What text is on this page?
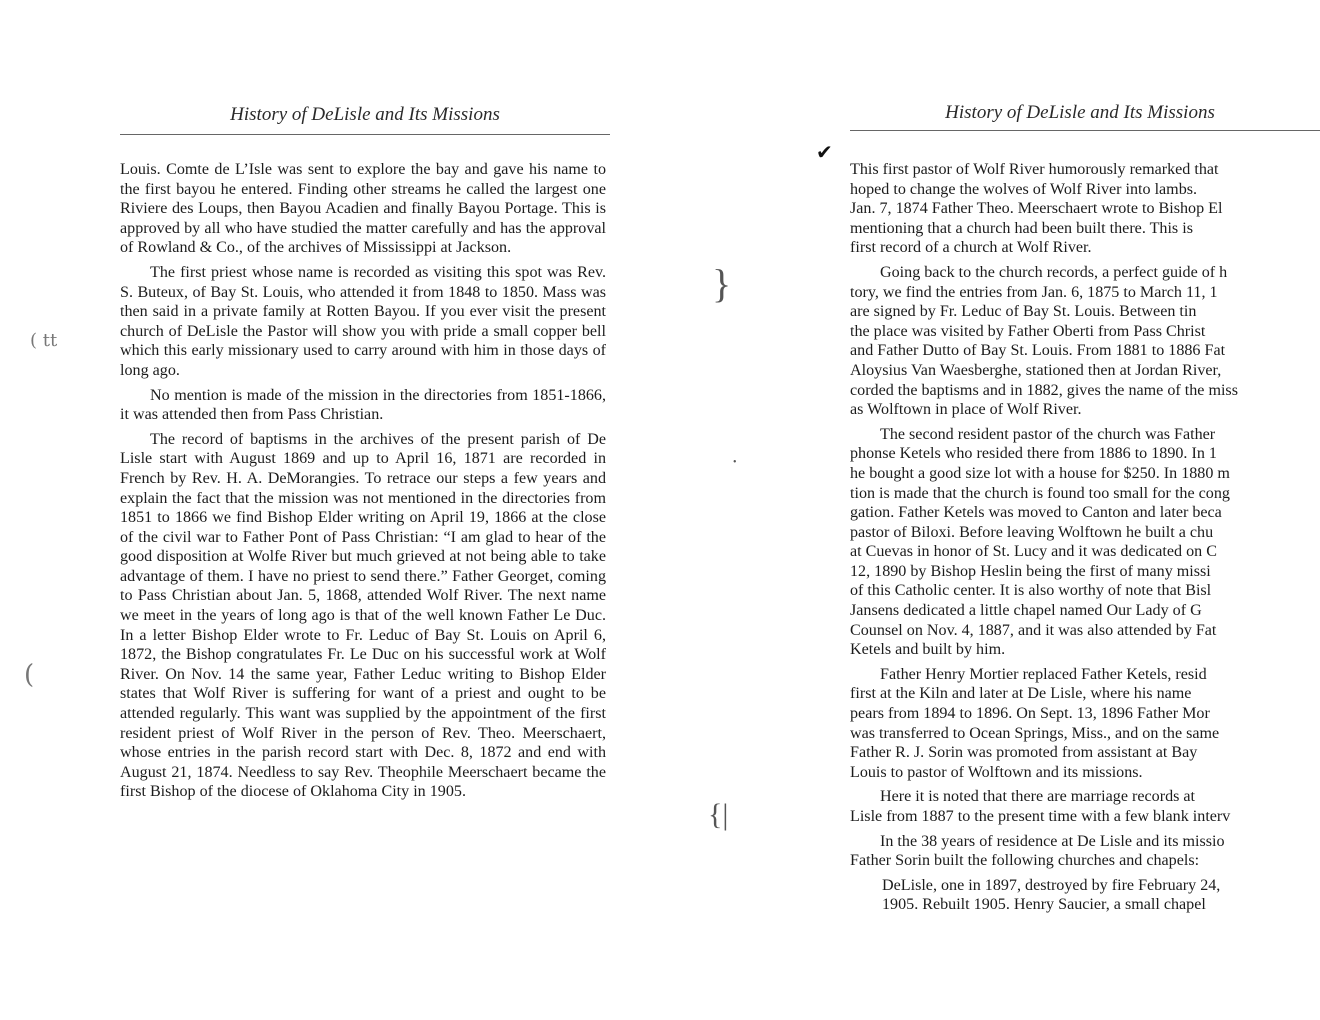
History of DeLisle and Its Missions
( tt
(

Louis. Comte de L’Isle was sent to explore the bay and gave his name to the first bayou he entered. Finding other streams he called the largest one Riviere des Loups, then Bayou Acadien and finally Bayou Portage. This is approved by all who have studied the matter carefully and has the approval of Rowland & Co., of the archives of Mississippi at Jackson.

The first priest whose name is recorded as visiting this spot was Rev. S. Buteux, of Bay St. Louis, who attended it from 1848 to 1850. Mass was then said in a private family at Rotten Bayou. If you ever visit the present church of DeLisle the Pastor will show you with pride a small copper bell which this early missionary used to carry around with him in those days of long ago.

No mention is made of the mission in the directories from 1851-1866, it was attended then from Pass Christian.

The record of baptisms in the archives of the present parish of De Lisle start with August 1869 and up to April 16, 1871 are recorded in French by Rev. H. A. DeMorangies. To retrace our steps a few years and explain the fact that the mission was not mentioned in the directories from 1851 to 1866 we find Bishop Elder writing on April 19, 1866 at the close of the civil war to Father Pont of Pass Christian: “I am glad to hear of the good disposition at Wolfe River but much grieved at not being able to take advantage of them. I have no priest to send there.” Father Georget, coming to Pass Christian about Jan. 5, 1868, attended Wolf River. The next name we meet in the years of long ago is that of the well known Father Le Duc. In a letter Bishop Elder wrote to Fr. Leduc of Bay St. Louis on April 6, 1872, the Bishop congratulates Fr. Le Duc on his successful work at Wolf River. On Nov. 14 the same year, Father Leduc writing to Bishop Elder states that Wolf River is suffering for want of a priest and ought to be attended regularly. This want was supplied by the appointment of the first resident priest of Wolf River in the person of Rev. Theo. Meerschaert, whose entries in the parish record start with Dec. 8, 1872 and end with August 21, 1874. Needless to say Rev. Theophile Meerschaert became the first Bishop of the diocese of Oklahoma City in 1905.

}
•
{|
History of DeLisle and Its Missions
✔

This first pastor of Wolf River humorously remarked that
hoped to change the wolves of Wolf River into lambs.
Jan. 7, 1874 Father Theo. Meerschaert wrote to Bishop El
mentioning that a church had been built there. This is
first record of a church at Wolf River.

Going back to the church records, a perfect guide of h
tory, we find the entries from Jan. 6, 1875 to March 11, 1
are signed by Fr. Leduc of Bay St. Louis. Between tin
the place was visited by Father Oberti from Pass Christ
and Father Dutto of Bay St. Louis. From 1881 to 1886 Fat
Aloysius Van Waesberghe, stationed then at Jordan River,
corded the baptisms and in 1882, gives the name of the miss
as Wolftown in place of Wolf River.

The second resident pastor of the church was Father
phonse Ketels who resided there from 1886 to 1890. In 1
he bought a good size lot with a house for $250. In 1880 m
tion is made that the church is found too small for the cong
gation. Father Ketels was moved to Canton and later beca
pastor of Biloxi. Before leaving Wolftown he built a chu
at Cuevas in honor of St. Lucy and it was dedicated on C
12, 1890 by Bishop Heslin being the first of many missi
of this Catholic center. It is also worthy of note that Bisl
Jansens dedicated a little chapel named Our Lady of G
Counsel on Nov. 4, 1887, and it was also attended by Fat
Ketels and built by him.

Father Henry Mortier replaced Father Ketels, resid
first at the Kiln and later at De Lisle, where his name
pears from 1894 to 1896. On Sept. 13, 1896 Father Mor
was transferred to Ocean Springs, Miss., and on the same
Father R. J. Sorin was promoted from assistant at Bay
Louis to pastor of Wolftown and its missions.

Here it is noted that there are marriage records at
Lisle from 1887 to the present time with a few blank interv

In the 38 years of residence at De Lisle and its missio
Father Sorin built the following churches and chapels:

DeLisle, one in 1897, destroyed by fire February 24,
1905. Rebuilt 1905. Henry Saucier, a small chapel
